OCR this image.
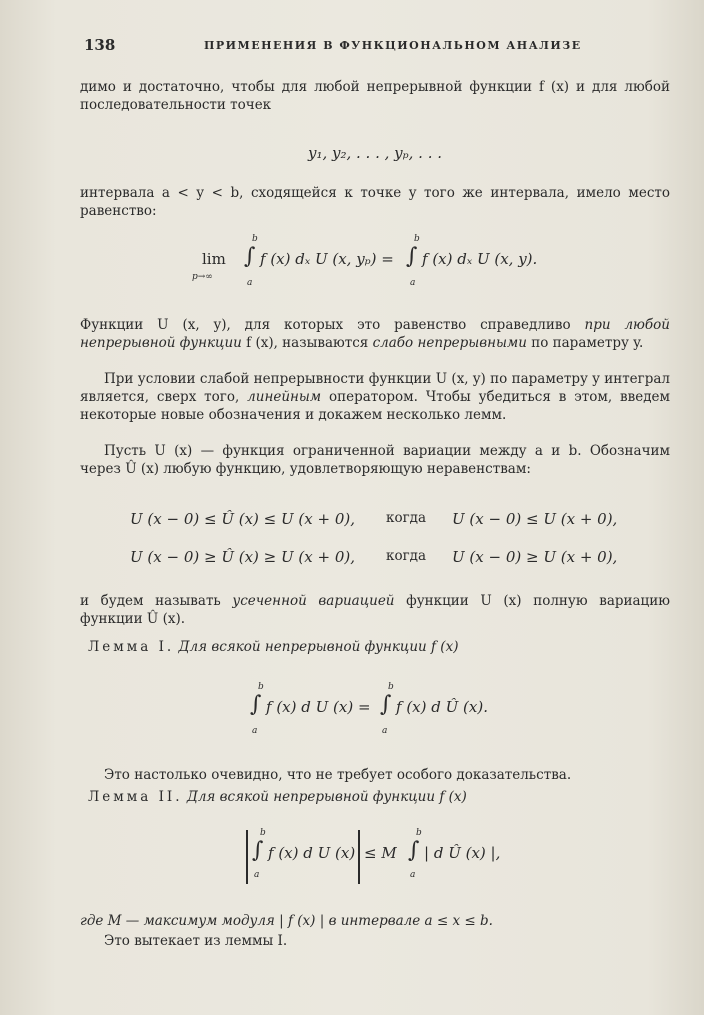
138	ПРИМЕНЕНИЯ В ФУНКЦИОНАЛЬНОМ АНАЛИЗЕ
димо и достаточно, чтобы для любой непрерывной функции f (x) и для любой последовательности точек
y₁, y₂, . . . , yₚ, . . .
интервала a < y < b, сходящейся к точке y того же интервала, имело место равенство:
b
lim
p→∞
∫
a
f (x) dₓ U (x, yₚ) =
b
∫
a
f (x) dₓ U (x, y).
Функции U (x, y), для которых это равенство справедливо при любой непрерывной функции f (x), называются слабо непрерывными по параметру y.
При условии слабой непрерывности функции U (x, y) по параметру y интеграл является, сверх того, линейным оператором. Чтобы убедиться в этом, введем некоторые новые обозначения и докажем несколько лемм.
Пусть U (x) — функция ограниченной вариации между a и b. Обозначим через Û (x) любую функцию, удовлетворяющую неравенствам:
U (x − 0) ≤ Û (x) ≤ U (x + 0), когда U (x − 0) ≤ U (x + 0),
U (x − 0) ≥ Û (x) ≥ U (x + 0), когда U (x − 0) ≥ U (x + 0),
и будем называть усеченной вариацией функции U (x) полную вариацию функции Û (x).
Лемма I. Для всякой непрерывной функции f (x)
b
∫
a
f (x) d U (x) =
b
∫
a
f (x) d Û (x).
Это настолько очевидно, что не требует особого доказательства.
Лемма II. Для всякой непрерывной функции f (x)
b
∫
a
f (x) d U (x) ≤ M
b
∫
a
| d Û (x) |,
где M — максимум модуля | f (x) | в интервале a ≤ x ≤ b.
Это вытекает из леммы I.
